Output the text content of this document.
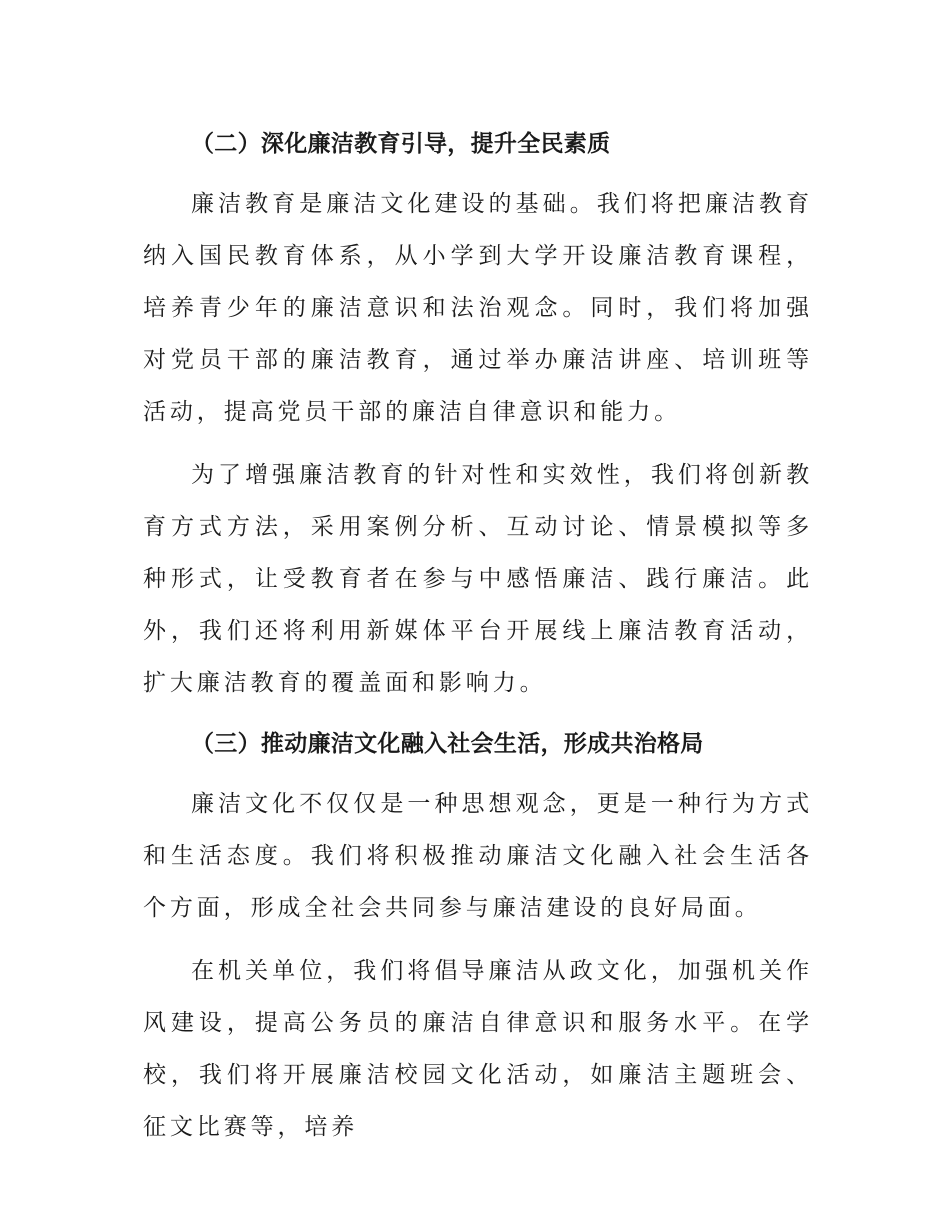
（二）深化廉洁教育引导，提升全民素质

廉洁教育是廉洁文化建设的基础。我们将把廉洁教育纳入国民教育体系，从小学到大学开设廉洁教育课程，培养青少年的廉洁意识和法治观念。同时，我们将加强对党员干部的廉洁教育，通过举办廉洁讲座、培训班等活动，提高党员干部的廉洁自律意识和能力。

为了增强廉洁教育的针对性和实效性，我们将创新教育方式方法，采用案例分析、互动讨论、情景模拟等多种形式，让受教育者在参与中感悟廉洁、践行廉洁。此外，我们还将利用新媒体平台开展线上廉洁教育活动，扩大廉洁教育的覆盖面和影响力。

（三）推动廉洁文化融入社会生活，形成共治格局

廉洁文化不仅仅是一种思想观念，更是一种行为方式和生活态度。我们将积极推动廉洁文化融入社会生活各个方面，形成全社会共同参与廉洁建设的良好局面。

在机关单位，我们将倡导廉洁从政文化，加强机关作风建设，提高公务员的廉洁自律意识和服务水平。在学校，我们将开展廉洁校园文化活动，如廉洁主题班会、征文比赛等，培养
